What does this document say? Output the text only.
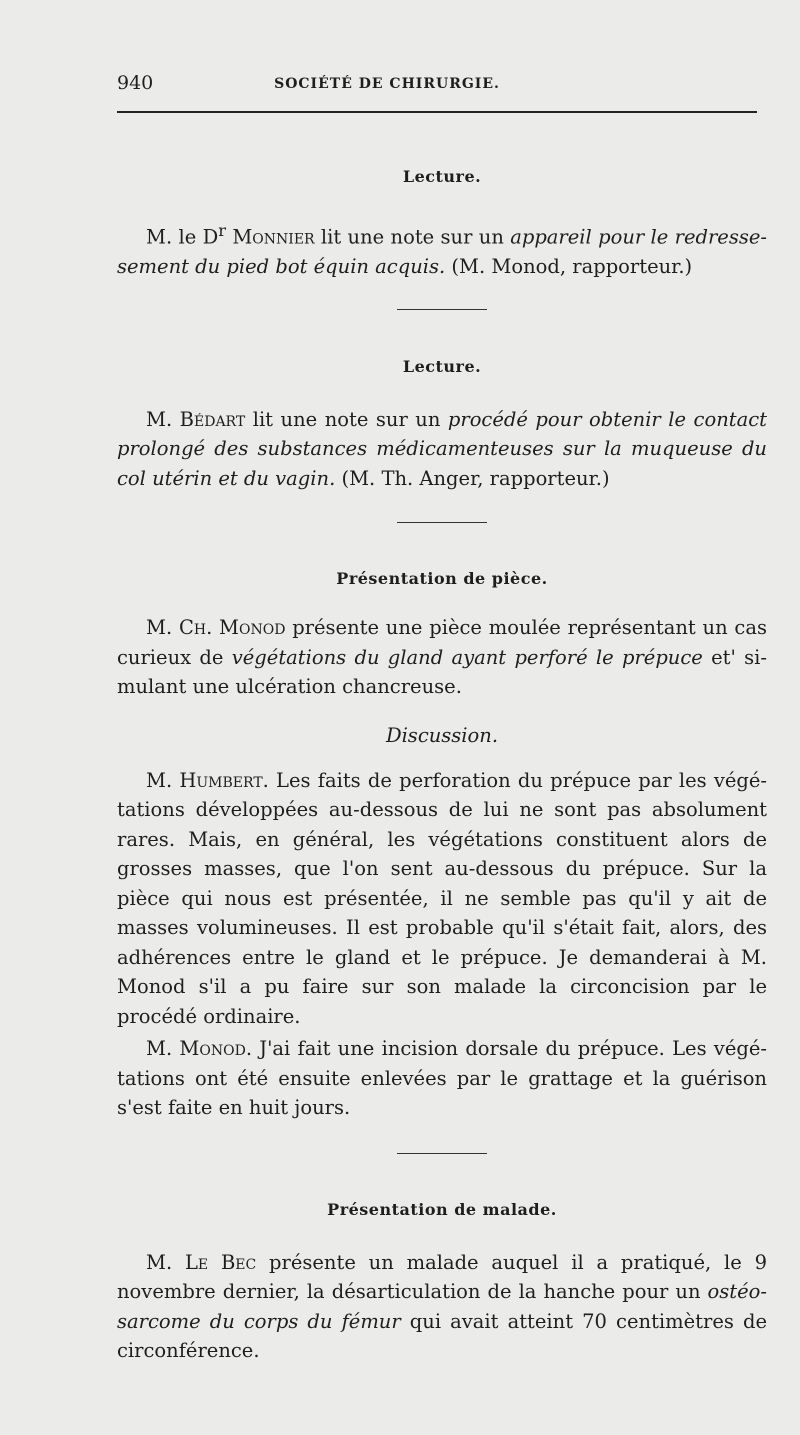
940	SOCIÉTÉ DE CHIRURGIE.
Lecture.

M. le $D^r$ Monnier lit une note sur un appareil pour le redresse-sement du pied bot équin acquis. (M. Monod, rapporteur.)

Lecture.

M. Bédart lit une note sur un procédé pour obtenir le contact prolongé des substances médicamenteuses sur la muqueuse du col utérin et du vagin. (M. Th. Anger, rapporteur.)

Présentation de pièce.

M. Ch. Monod présente une pièce moulée représentant un cas curieux de végétations du gland ayant perforé le prépuce et' si-mulant une ulcération chancreuse.

Discussion.

M. Humbert. Les faits de perforation du prépuce par les végé-tations développées au-dessous de lui ne sont pas absolument rares. Mais, en général, les végétations constituent alors de grosses masses, que l'on sent au-dessous du prépuce. Sur la pièce qui nous est présentée, il ne semble pas qu'il y ait de masses volumineuses. Il est probable qu'il s'était fait, alors, des adhérences entre le gland et le prépuce. Je demanderai à M. Monod s'il a pu faire sur son malade la circoncision par le procédé ordinaire.

M. Monod. J'ai fait une incision dorsale du prépuce. Les végé-tations ont été ensuite enlevées par le grattage et la guérison s'est faite en huit jours.

Présentation de malade.

M. Le Bec présente un malade auquel il a pratiqué, le 9 novembre dernier, la désarticulation de la hanche pour un ostéo-sarcome du corps du fémur qui avait atteint 70 centimètres de circonférence.
